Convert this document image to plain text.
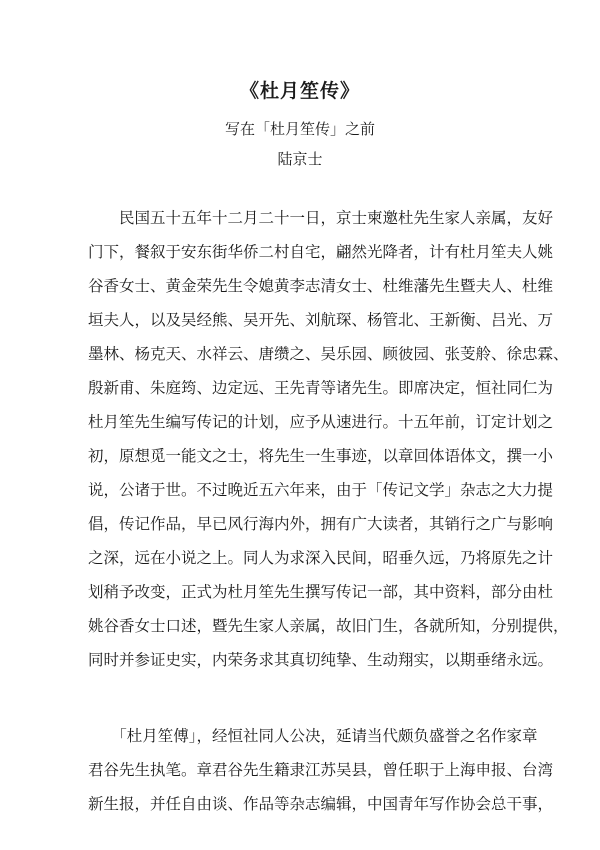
《杜月笙传》
写在「杜月笙传」之前
陆京士
　　民国五十五年十二月二十一日，京士柬邀杜先生家人亲属，友好
门下，餐叙于安东街华侨二村自宅，翩然光降者，计有杜月笙夫人姚
谷香女士、黄金荣先生令媳黄李志清女士、杜维藩先生暨夫人、杜维
垣夫人，以及吴经熊、吴开先、刘航琛、杨管北、王新衡、吕光、万
墨林、杨克天、水祥云、唐缵之、吴乐园、顾彼园、张芰舲、徐忠霖、
殷新甫、朱庭筠、边定远、王先青等诸先生。即席决定，恒社同仁为
杜月笙先生编写传记的计划，应予从速进行。十五年前，订定计划之
初，原想觅一能文之士，将先生一生事迹，以章回体语体文，撰一小
说，公诸于世。不过晚近五六年来，由于「传记文学」杂志之大力提
倡，传记作品，早已风行海内外，拥有广大读者，其销行之广与影响
之深，远在小说之上。同人为求深入民间，昭垂久远，乃将原先之计
划稍予改变，正式为杜月笙先生撰写传记一部，其中资料，部分由杜
姚谷香女士口述，暨先生家人亲属，故旧门生，各就所知，分别提供，
同时并参证史实，内荣务求其真切纯挚、生动翔实，以期垂绪永远。
　　「杜月笙傅」，经恒社同人公决，延请当代颇负盛誉之名作家章
君谷先生执笔。章君谷先生籍隶江苏吴县，曾任职于上海申报、台湾
新生报，并任自由谈、作品等杂志编辑，中国青年写作协会总干事，
